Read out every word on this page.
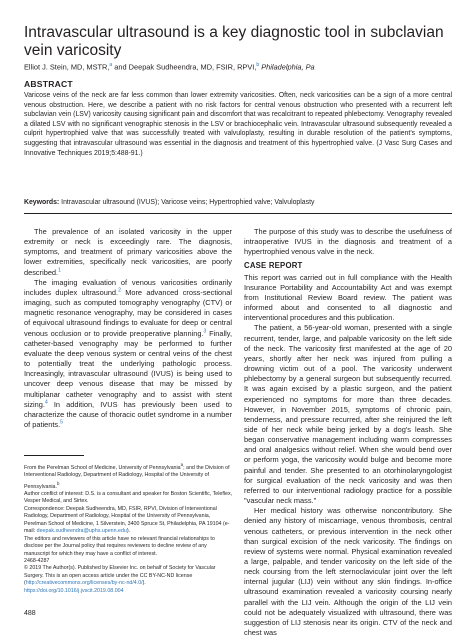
Intravascular ultrasound is a key diagnostic tool in subclavian vein varicosity
Elliot J. Stein, MD, MSTR,$^a$ and Deepak Sudheendra, MD, FSIR, RPVI,$^b$ Philadelphia, Pa
ABSTRACT
Varicose veins of the neck are far less common than lower extremity varicosities. Often, neck varicosities can be a sign of a more central venous obstruction. Here, we describe a patient with no risk factors for central venous obstruction who presented with a recurrent left subclavian vein (LSV) varicosity causing significant pain and discomfort that was recalcitrant to repeated phlebectomy. Venography revealed a dilated LSV with no significant venographic stenosis in the LSV or brachiocephalic vein. Intravascular ultrasound subsequently revealed a culprit hypertrophied valve that was successfully treated with valvuloplasty, resulting in durable resolution of the patient's symptoms, suggesting that intravascular ultrasound was essential in the diagnosis and treatment of this hypertrophied valve. (J Vasc Surg Cases and Innovative Techniques 2019;5:488-91.)
Keywords: Intravascular ultrasound (IVUS); Varicose veins; Hypertrophied valve; Valvuloplasty

The prevalence of an isolated varicosity in the upper extremity or neck is exceedingly rare. The diagnosis, symptoms, and treatment of primary varicosities above the lower extremities, specifically neck varicosities, are poorly described.$^1$

The imaging evaluation of venous varicosities ordinarily includes duplex ultrasound.$^2$ More advanced cross-sectional imaging, such as computed tomography venography (CTV) or magnetic resonance venography, may be considered in cases of equivocal ultrasound findings to evaluate for deep or central venous occlusion or to provide preoperative planning.$^3$ Finally, catheter-based venography may be performed to further evaluate the deep venous system or central veins of the chest to potentially treat the underlying pathologic process. Increasingly, intravascular ultrasound (IVUS) is being used to uncover deep venous disease that may be missed by multiplanar catheter venography and to assist with stent sizing.$^4$ In addition, IVUS has previously been used to characterize the cause of thoracic outlet syndrome in a number of patients.$^5$

From the Perelman School of Medicine, University of Pennsylvania$^a$; and the Division of Interventional Radiology, Department of Radiology, Hospital of the University of Pennsylvania.$^b$

Author conflict of interest: D.S. is a consultant and speaker for Boston Scientific, Teleflex, Vesper Medical, and Sirtex.

Correspondence: Deepak Sudheendra, MD, FSIR, RPVI, Division of Interventional Radiology, Department of Radiology, Hospital of the University of Pennsylvania, Perelman School of Medicine, 1 Silverstein, 3400 Spruce St, Philadelphia, PA 19104 (e-mail: deepak.sudheendra@uphs.upenn.edu).

The editors and reviewers of this article have no relevant financial relationships to disclose per the Journal policy that requires reviewers to decline review of any manuscript for which they may have a conflict of interest.

2468-4287

© 2019 The Author(s). Published by Elsevier Inc. on behalf of Society for Vascular Surgery. This is an open access article under the CC BY-NC-ND license (http://creativecommons.org/licenses/by-nc-nd/4.0/).

https://doi.org/10.1016/j.jvscit.2019.08.004

488

The purpose of this study was to describe the usefulness of intraoperative IVUS in the diagnosis and treatment of a hypertrophied venous valve in the neck.

CASE REPORT

This report was carried out in full compliance with the Health Insurance Portability and Accountability Act and was exempt from Institutional Review Board review. The patient was informed about and consented to all diagnostic and interventional procedures and this publication.

The patient, a 56-year-old woman, presented with a single recurrent, tender, large, and palpable varicosity on the left side of the neck. The varicosity first manifested at the age of 20 years, shortly after her neck was injured from pulling a drowning victim out of a pool. The varicosity underwent phlebectomy by a general surgeon but subsequently recurred. It was again excised by a plastic surgeon, and the patient experienced no symptoms for more than three decades. However, in November 2015, symptoms of chronic pain, tenderness, and pressure recurred, after she reinjured the left side of her neck while being jerked by a dog's leash. She began conservative management including warm compresses and oral analgesics without relief. When she would bend over or perform yoga, the varicosity would bulge and become more painful and tender. She presented to an otorhinolaryngologist for surgical evaluation of the neck varicosity and was then referred to our interventional radiology practice for a possible "vascular neck mass."

Her medical history was otherwise noncontributory. She denied any history of miscarriage, venous thrombosis, central venous catheters, or previous intervention in the neck other than surgical excision of the neck varicosity. The findings on review of systems were normal. Physical examination revealed a large, palpable, and tender varicosity on the left side of the neck coursing from the left sternoclavicular joint over the left internal jugular (LIJ) vein without any skin findings. In-office ultrasound examination revealed a varicosity coursing nearly parallel with the LIJ vein. Although the origin of the LIJ vein could not be adequately visualized with ultrasound, there was suggestion of LIJ stenosis near its origin. CTV of the neck and chest was
